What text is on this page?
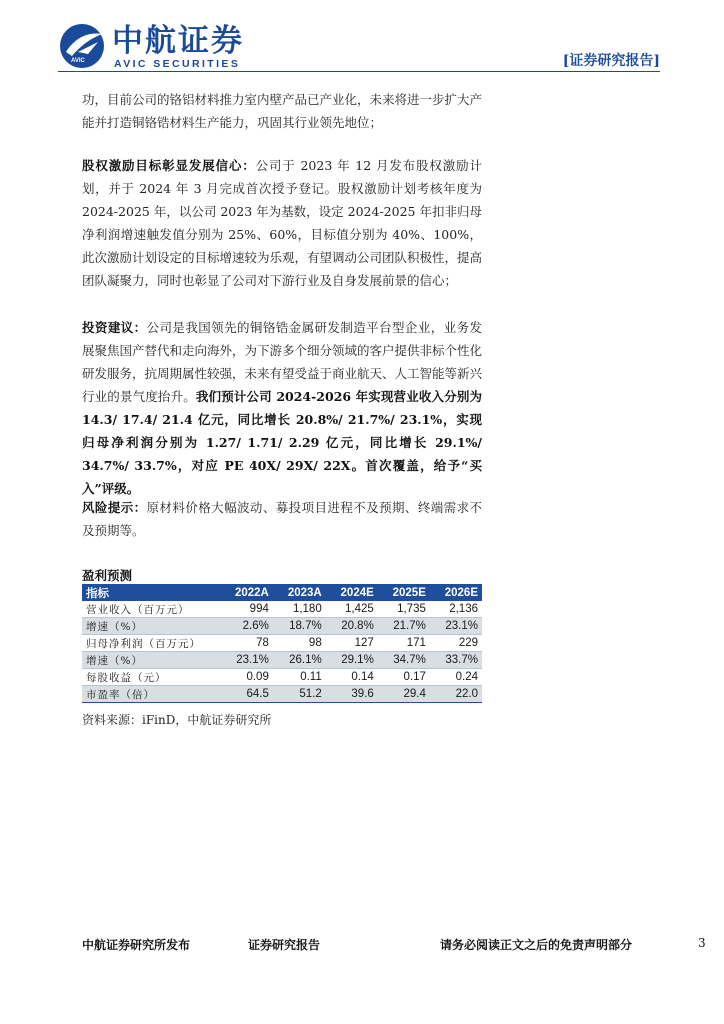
AVIC
中航证券
AVIC SECURITIES	[证券研究报告]

功，目前公司的铬铝材料推力室内壁产品已产业化，未来将进一步扩大产能并打造铜铬锆材料生产能力，巩固其行业领先地位；

股权激励目标彰显发展信心：公司于 2023 年 12 月发布股权激励计划，并于 2024 年 3 月完成首次授予登记。股权激励计划考核年度为 2024-2025 年，以公司 2023 年为基数，设定 2024-2025 年扣非归母净利润增速触发值分别为 25%、60%，目标值分别为 40%、100%，此次激励计划设定的目标增速较为乐观，有望调动公司团队积极性，提高团队凝聚力，同时也彰显了公司对下游行业及自身发展前景的信心；

投资建议：公司是我国领先的铜铬锆金属研发制造平台型企业，业务发展聚焦国产替代和走向海外，为下游多个细分领域的客户提供非标个性化研发服务，抗周期属性较强，未来有望受益于商业航天、人工智能等新兴行业的景气度抬升。我们预计公司 2024-2026 年实现营业收入分别为 14.3/ 17.4/ 21.4 亿元，同比增长 20.8%/ 21.7%/ 23.1%，实现归母净利润分别为 1.27/ 1.71/ 2.29 亿元，同比增长 29.1%/ 34.7%/ 33.7%，对应 PE 40X/ 29X/ 22X。首次覆盖，给予“买入”评级。

风险提示：原材料价格大幅波动、募投项目进程不及预期、终端需求不及预期等。

盈利预测
指标	2022A	2023A	2024E	2025E	2026E
营业收入（百万元）	994	1,180	1,425	1,735	2,136
增速（%）	2.6%	18.7%	20.8%	21.7%	23.1%
归母净利润（百万元）	78	98	127	171	229
增速（%）	23.1%	26.1%	29.1%	34.7%	33.7%
每股收益（元）	0.09	0.11	0.14	0.17	0.24
市盈率（倍）	64.5	51.2	39.6	29.4	22.0
资料来源：iFinD，中航证券研究所
中航证券研究所发布	证券研究报告	请务必阅读正文之后的免责声明部分	3
